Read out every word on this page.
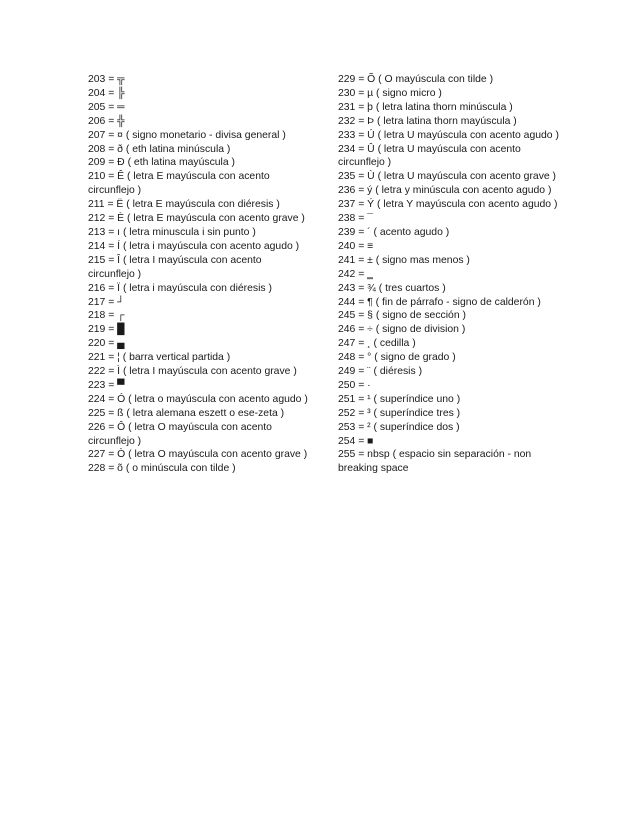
203 = ╦

204 = ╠

205 = ═

206 = ╬

207 = ¤ ( signo monetario - divisa general )

208 = ð ( eth latina minúscula )

209 = Ð ( eth latina mayúscula )

210 = Ê ( letra E mayúscula con acento circunflejo )

211 = Ë ( letra E mayúscula con diéresis )

212 = È ( letra E mayúscula con acento grave )

213 = ı ( letra minuscula i sin punto )

214 = Í ( letra i mayúscula con acento agudo )

215 = Î ( letra I mayúscula con acento circunflejo )

216 = Ï ( letra i mayúscula con diéresis )

217 = ┘

218 = ┌

219 = █

220 = ▄

221 = ¦ ( barra vertical partida )

222 = Ì ( letra I mayúscula con acento grave )

223 = ▀

224 = Ó ( letra o mayúscula con acento agudo )

225 = ß ( letra alemana eszett o ese-zeta )

226 = Ô ( letra O mayúscula con acento circunflejo )

227 = Ò ( letra O mayúscula con acento grave )

228 = õ ( o minúscula con tilde )

229 = Õ ( O mayúscula con tilde )

230 = µ ( signo micro )

231 = þ ( letra latina thorn minúscula )

232 = Þ ( letra latina thorn mayúscula )

233 = Ú ( letra U mayúscula con acento agudo )

234 = Û ( letra U mayúscula con acento circunflejo )

235 = Ù ( letra U mayúscula con acento grave )

236 = ý ( letra y minúscula con acento agudo )

237 = Ý ( letra Y mayúscula con acento agudo )

238 = ¯

239 = ´ ( acento agudo )

240 = ≡

241 = ± ( signo mas menos )

242 = ‗

243 = ¾ ( tres cuartos )

244 = ¶ ( fin de párrafo - signo de calderón )

245 = § ( signo de sección )

246 = ÷ ( signo de division )

247 = ¸ ( cedilla )

248 = ° ( signo de grado )

249 = ¨ ( diéresis )

250 = ·

251 = ¹ ( superíndice uno )

252 = ³ ( superíndice tres )

253 = ² ( superíndice dos )

254 = ■

255 = nbsp ( espacio sin separación - non breaking space
